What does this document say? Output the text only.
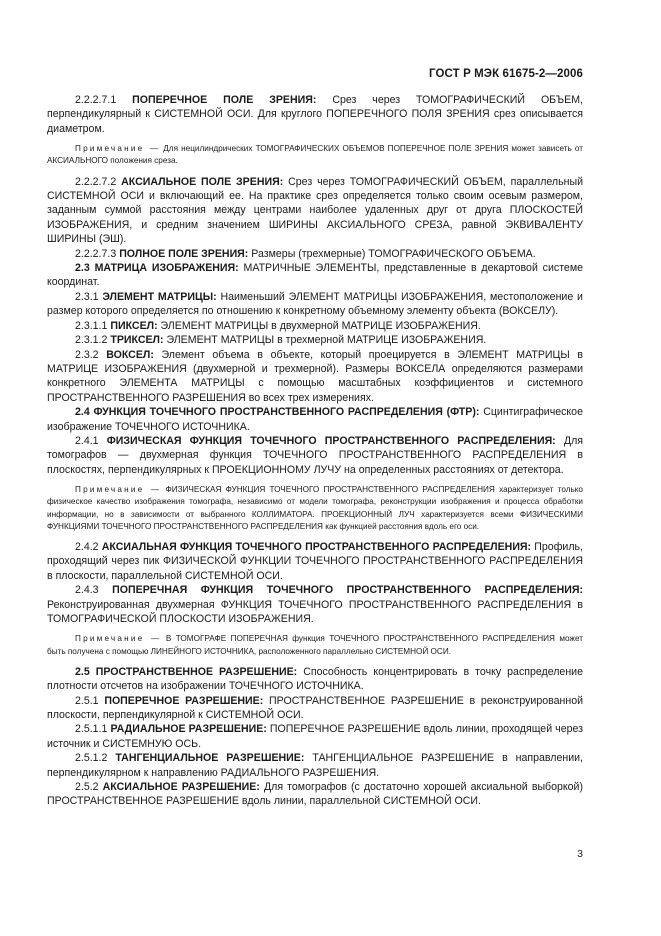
ГОСТ Р МЭК 61675-2—2006

2.2.2.7.1 ПОПЕРЕЧНОЕ ПОЛЕ ЗРЕНИЯ: Срез через ТОМОГРАФИЧЕСКИЙ ОБЪЕМ, перпендикулярный к СИСТЕМНОЙ ОСИ. Для круглого ПОПЕРЕЧНОГО ПОЛЯ ЗРЕНИЯ срез описывается диаметром.

Примечание — Для нецилиндрических ТОМОГРАФИЧЕСКИХ ОБЪЕМОВ ПОПЕРЕЧНОЕ ПОЛЕ ЗРЕНИЯ может зависеть от АКСИАЛЬНОГО положения среза.

2.2.2.7.2 АКСИАЛЬНОЕ ПОЛЕ ЗРЕНИЯ: Срез через ТОМОГРАФИЧЕСКИЙ ОБЪЕМ, параллельный СИСТЕМНОЙ ОСИ и включающий ее. На практике срез определяется только своим осевым размером, заданным суммой расстояния между центрами наиболее удаленных друг от друга ПЛОСКОСТЕЙ ИЗОБРАЖЕНИЯ, и средним значением ШИРИНЫ АКСИАЛЬНОГО СРЕЗА, равной ЭКВИВАЛЕНТУ ШИРИНЫ (ЭШ).

2.2.2.7.3 ПОЛНОЕ ПОЛЕ ЗРЕНИЯ: Размеры (трехмерные) ТОМОГРАФИЧЕСКОГО ОБЪЕМА.

2.3 МАТРИЦА ИЗОБРАЖЕНИЯ: МАТРИЧНЫЕ ЭЛЕМЕНТЫ, представленные в декартовой системе координат.

2.3.1 ЭЛЕМЕНТ МАТРИЦЫ: Наименьший ЭЛЕМЕНТ МАТРИЦЫ ИЗОБРАЖЕНИЯ, местоположение и размер которого определяется по отношению к конкретному объемному элементу объекта (ВОКСЕЛУ).

2.3.1.1 ПИКСЕЛ: ЭЛЕМЕНТ МАТРИЦЫ в двухмерной МАТРИЦЕ ИЗОБРАЖЕНИЯ.

2.3.1.2 ТРИКСЕЛ: ЭЛЕМЕНТ МАТРИЦЫ в трехмерной МАТРИЦЕ ИЗОБРАЖЕНИЯ.

2.3.2 ВОКСЕЛ: Элемент объема в объекте, который проецируется в ЭЛЕМЕНТ МАТРИЦЫ в МАТРИЦЕ ИЗОБРАЖЕНИЯ (двухмерной и трехмерной). Размеры ВОКСЕЛА определяются размерами конкретного ЭЛЕМЕНТА МАТРИЦЫ с помощью масштабных коэффициентов и системного ПРОСТРАНСТВЕННОГО РАЗРЕШЕНИЯ во всех трех измерениях.

2.4 ФУНКЦИЯ ТОЧЕЧНОГО ПРОСТРАНСТВЕННОГО РАСПРЕДЕЛЕНИЯ (ФТР): Сцинтиграфическое изображение ТОЧЕЧНОГО ИСТОЧНИКА.

2.4.1 ФИЗИЧЕСКАЯ ФУНКЦИЯ ТОЧЕЧНОГО ПРОСТРАНСТВЕННОГО РАСПРЕДЕЛЕНИЯ: Для томографов — двухмерная функция ТОЧЕЧНОГО ПРОСТРАНСТВЕННОГО РАСПРЕДЕЛЕНИЯ в плоскостях, перпендикулярных к ПРОЕКЦИОННОМУ ЛУЧУ на определенных расстояниях от детектора.

Примечание — ФИЗИЧЕСКАЯ ФУНКЦИЯ ТОЧЕЧНОГО ПРОСТРАНСТВЕННОГО РАСПРЕДЕЛЕНИЯ характеризует только физическое качество изображения томографа, независимо от модели томографа, реконструкции изображения и процесса обработки информации, но в зависимости от выбранного КОЛЛИМАТОРА. ПРОЕКЦИОННЫЙ ЛУЧ характеризуется всеми ФИЗИЧЕСКИМИ ФУНКЦИЯМИ ТОЧЕЧНОГО ПРОСТРАНСТВЕННОГО РАСПРЕДЕЛЕНИЯ как функцией расстояния вдоль его оси.

2.4.2 АКСИАЛЬНАЯ ФУНКЦИЯ ТОЧЕЧНОГО ПРОСТРАНСТВЕННОГО РАСПРЕДЕЛЕНИЯ: Профиль, проходящий через пик ФИЗИЧЕСКОЙ ФУНКЦИИ ТОЧЕЧНОГО ПРОСТРАНСТВЕННОГО РАСПРЕДЕЛЕНИЯ в плоскости, параллельной СИСТЕМНОЙ ОСИ.

2.4.3 ПОПЕРЕЧНАЯ ФУНКЦИЯ ТОЧЕЧНОГО ПРОСТРАНСТВЕННОГО РАСПРЕДЕЛЕНИЯ: Реконструированная двухмерная ФУНКЦИЯ ТОЧЕЧНОГО ПРОСТРАНСТВЕННОГО РАСПРЕДЕЛЕНИЯ в ТОМОГРАФИЧЕСКОЙ ПЛОСКОСТИ ИЗОБРАЖЕНИЯ.

Примечание — В ТОМОГРАФЕ ПОПЕРЕЧНАЯ функция ТОЧЕЧНОГО ПРОСТРАНСТВЕННОГО РАСПРЕДЕЛЕНИЯ может быть получена с помощью ЛИНЕЙНОГО ИСТОЧНИКА, расположенного параллельно СИСТЕМНОЙ ОСИ.

2.5 ПРОСТРАНСТВЕННОЕ РАЗРЕШЕНИЕ: Способность концентрировать в точку распределение плотности отсчетов на изображении ТОЧЕЧНОГО ИСТОЧНИКА.

2.5.1 ПОПЕРЕЧНОЕ РАЗРЕШЕНИЕ: ПРОСТРАНСТВЕННОЕ РАЗРЕШЕНИЕ в реконструированной плоскости, перпендикулярной к СИСТЕМНОЙ ОСИ.

2.5.1.1 РАДИАЛЬНОЕ РАЗРЕШЕНИЕ: ПОПЕРЕЧНОЕ РАЗРЕШЕНИЕ вдоль линии, проходящей через источник и СИСТЕМНУЮ ОСЬ.

2.5.1.2 ТАНГЕНЦИАЛЬНОЕ РАЗРЕШЕНИЕ: ТАНГЕНЦИАЛЬНОЕ РАЗРЕШЕНИЕ в направлении, перпендикулярном к направлению РАДИАЛЬНОГО РАЗРЕШЕНИЯ.

2.5.2 АКСИАЛЬНОЕ РАЗРЕШЕНИЕ: Для томографов (с достаточно хорошей аксиальной выборкой) ПРОСТРАНСТВЕННОЕ РАЗРЕШЕНИЕ вдоль линии, параллельной СИСТЕМНОЙ ОСИ.

3
